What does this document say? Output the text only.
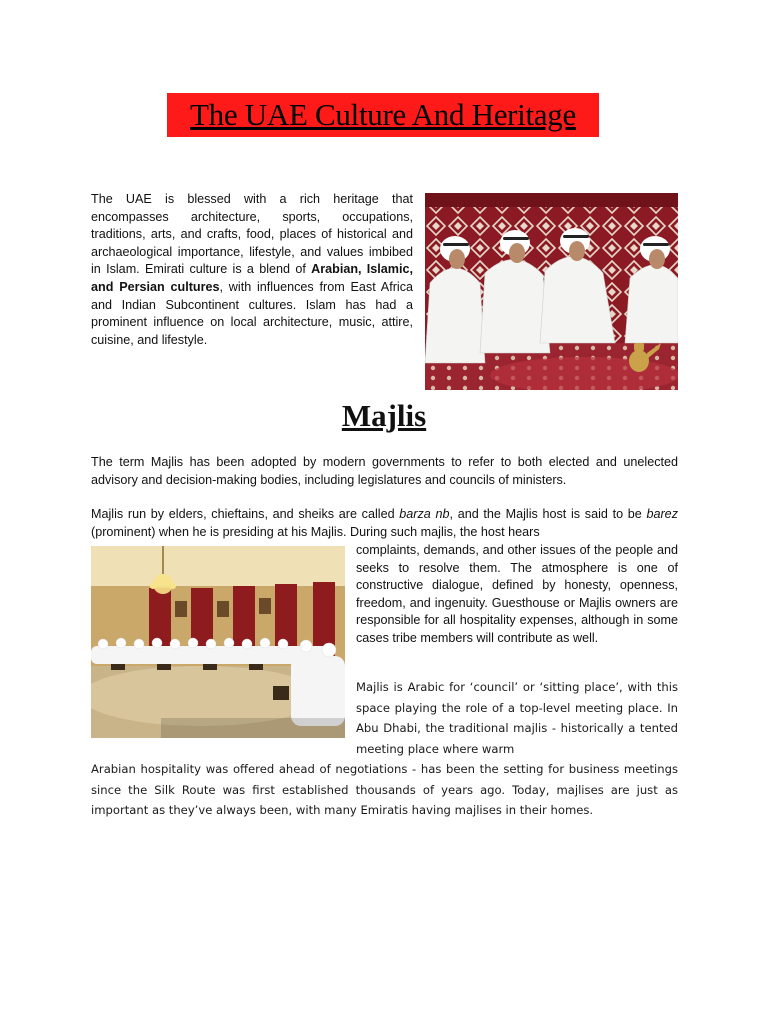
The UAE Culture And Heritage

The UAE is blessed with a rich heritage that encompasses architecture, sports, occupations, traditions, arts, and crafts, food, places of historical and archaeological importance, lifestyle, and values imbibed in Islam. Emirati culture is a blend of Arabian, Islamic, and Persian cultures, with influences from East Africa and Indian Subcontinent cultures. Islam has had a prominent influence on local architecture, music, attire, cuisine, and lifestyle.

Majlis

The term Majlis has been adopted by modern governments to refer to both elected and unelected advisory and decision-making bodies, including legislatures and councils of ministers.

Majlis run by elders, chieftains, and sheiks are called barza nb, and the Majlis host is said to be barez (prominent) when he is presiding at his Majlis. During such majlis, the host hears

complaints, demands, and other issues of the people and seeks to resolve them. The atmosphere is one of constructive dialogue, defined by honesty, openness, freedom, and ingenuity. Guesthouse or Majlis owners are responsible for all hospitality expenses, although in some cases tribe members will contribute as well.

Majlis is Arabic for ‘council’ or ‘sitting place’, with this space playing the role of a top-level meeting place. In Abu Dhabi, the traditional majlis - historically a tented meeting place where warm

Arabian hospitality was offered ahead of negotiations - has been the setting for business meetings since the Silk Route was first established thousands of years ago. Today, majlises are just as important as they’ve always been, with many Emiratis having majlises in their homes.
